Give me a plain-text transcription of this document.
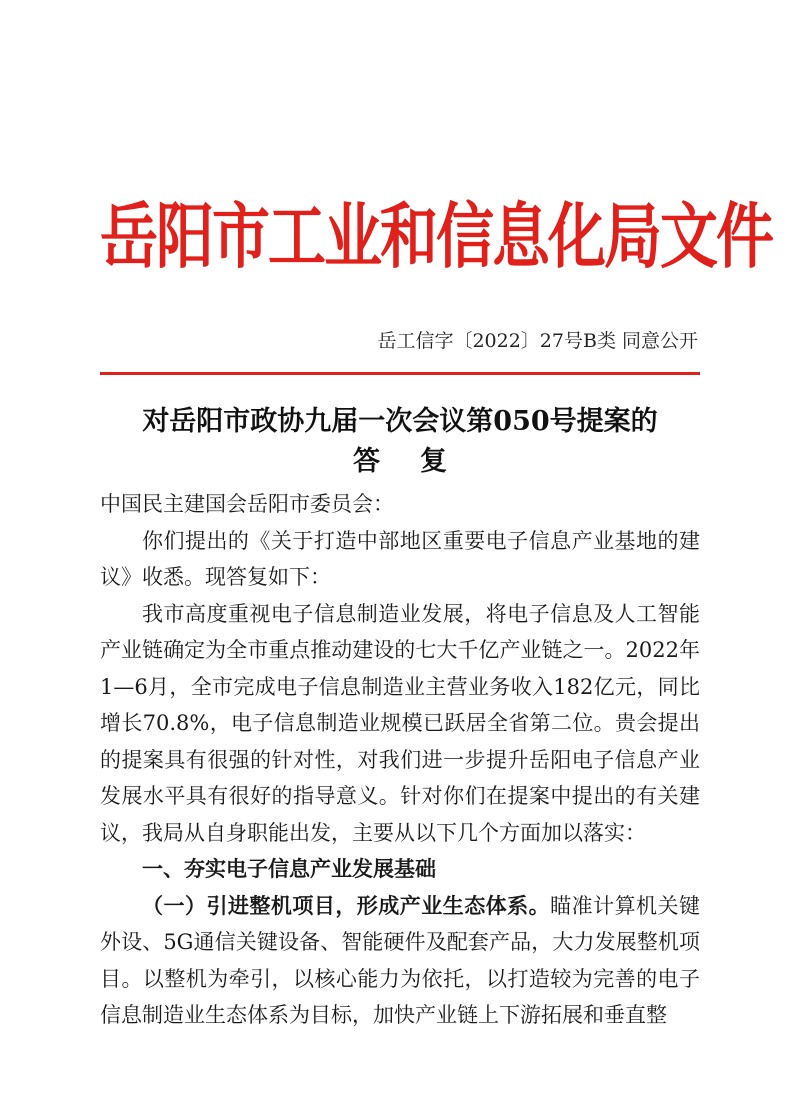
岳阳市工业和信息化局文件
岳工信字〔2022〕27号B类 同意公开
对岳阳市政协九届一次会议第050号提案的
答复

中国民主建国会岳阳市委员会：

你们提出的《关于打造中部地区重要电子信息产业基地的建议》收悉。现答复如下：

我市高度重视电子信息制造业发展，将电子信息及人工智能产业链确定为全市重点推动建设的七大千亿产业链之一。2022年1—6月，全市完成电子信息制造业主营业务收入182亿元，同比增长70.8%，电子信息制造业规模已跃居全省第二位。贵会提出的提案具有很强的针对性，对我们进一步提升岳阳电子信息产业发展水平具有很好的指导意义。针对你们在提案中提出的有关建议，我局从自身职能出发，主要从以下几个方面加以落实：

一、夯实电子信息产业发展基础

（一）引进整机项目，形成产业生态体系。瞄准计算机关键外设、5G通信关键设备、智能硬件及配套产品，大力发展整机项目。以整机为牵引，以核心能力为依托，以打造较为完善的电子信息制造业生态体系为目标，加快产业链上下游拓展和垂直整
